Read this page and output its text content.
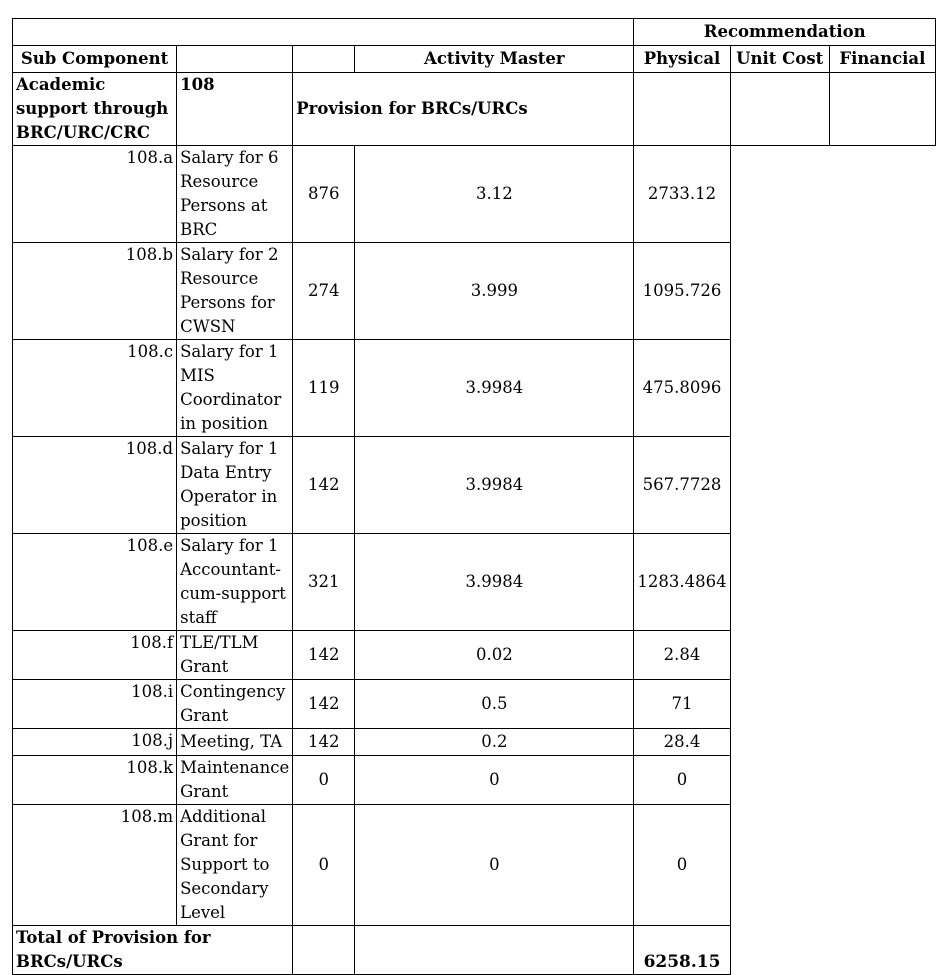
				Recommendation		
Sub Component			Activity Master	Physical	Unit Cost	Financial
Academic support through BRC/URC/CRC	108	Provision for BRCs/URCs				
108.a	Salary for 6 Resource Persons at BRC	876	3.12	2733.12		
108.b	Salary for 2 Resource Persons for CWSN	274	3.999	1095.726		
108.c	Salary for 1 MIS Coordinator in position	119	3.9984	475.8096		
108.d	Salary for 1 Data Entry Operator in position	142	3.9984	567.7728		
108.e	Salary for 1 Accountant-cum-support staff	321	3.9984	1283.4864		
108.f	TLE/TLM Grant	142	0.02	2.84		
108.i	Contingency Grant	142	0.5	71		
108.j	Meeting, TA	142	0.2	28.4		
108.k	Maintenance Grant	0	0	0		
108.m	Additional Grant for Support to Secondary Level	0	0	0		
Total of Provision for BRCs/URCs				6258.15		
